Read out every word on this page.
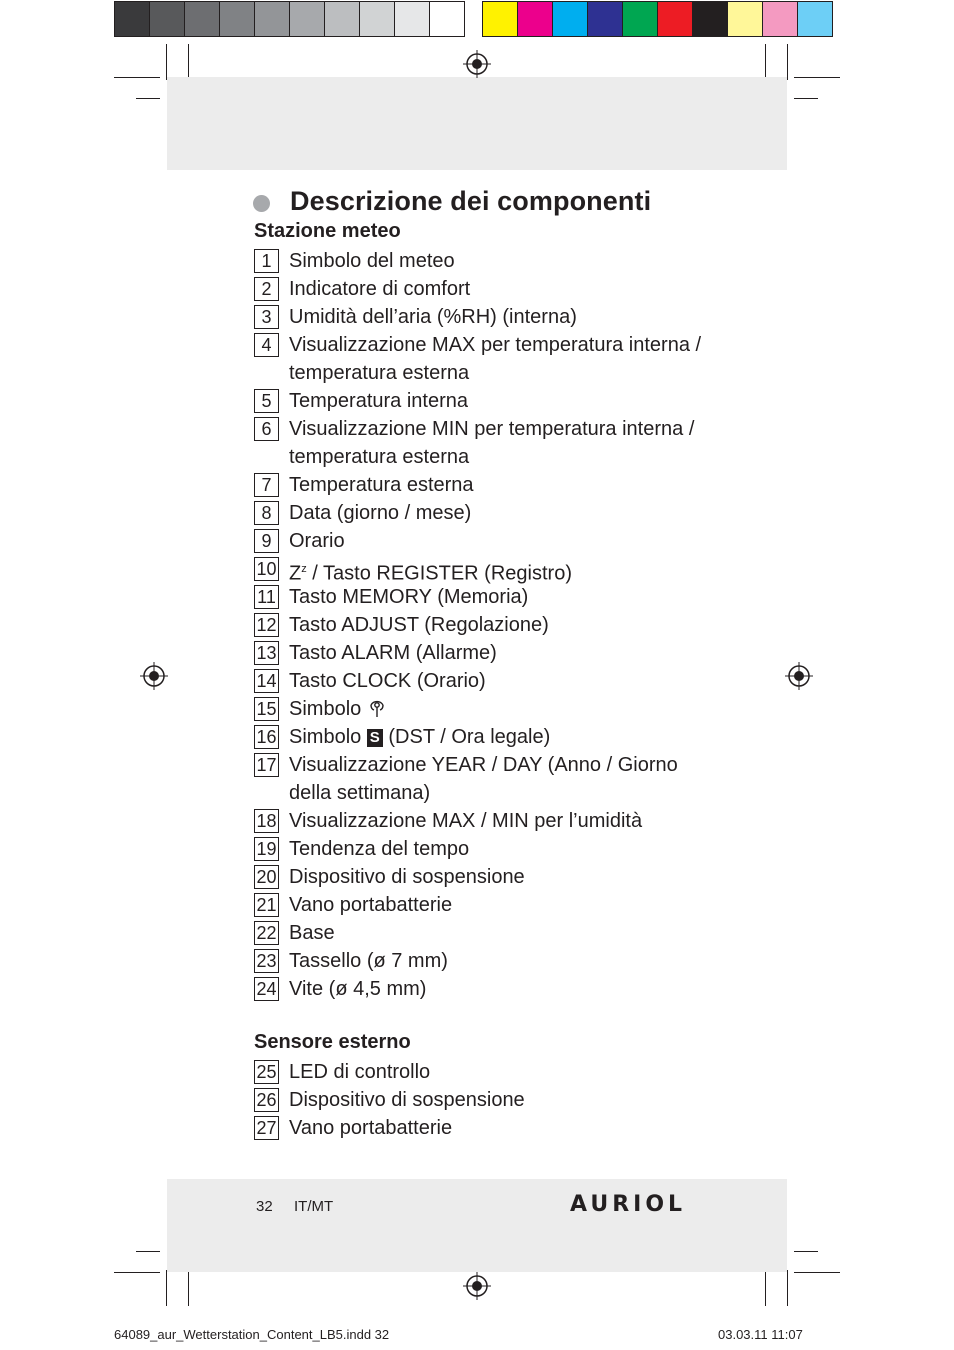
Descrizione dei componenti
Stazione meteo
1 Simbolo del meteo
2 Indicatore di comfort
3 Umidità dell’aria (%RH) (interna)
4 Visualizzazione MAX per temperatura interna /
temperatura esterna
5 Temperatura interna
6 Visualizzazione MIN per temperatura interna /
temperatura esterna
7 Temperatura esterna
8 Data (giorno / mese)
9 Orario
10 $Z^z$ / Tasto REGISTER (Registro)
11 Tasto MEMORY (Memoria)
12 Tasto ADJUST (Regolazione)
13 Tasto ALARM (Allarme)
14 Tasto CLOCK (Orario)
15 Simbolo
16 Simbolo S (DST / Ora legale)
17 Visualizzazione YEAR / DAY (Anno / Giorno
della settimana)
18 Visualizzazione MAX / MIN per l’umidità
19 Tendenza del tempo
20 Dispositivo di sospensione
21 Vano portabatterie
22 Base
23 Tassello (ø 7 mm)
24 Vite (ø 4,5 mm)
Sensore esterno
25 LED di controllo
26 Dispositivo di sospensione
27 Vano portabatterie
32 IT/MT	AURIOL
64089_aur_Wetterstation_Content_LB5.indd 32	03.03.11 11:07
